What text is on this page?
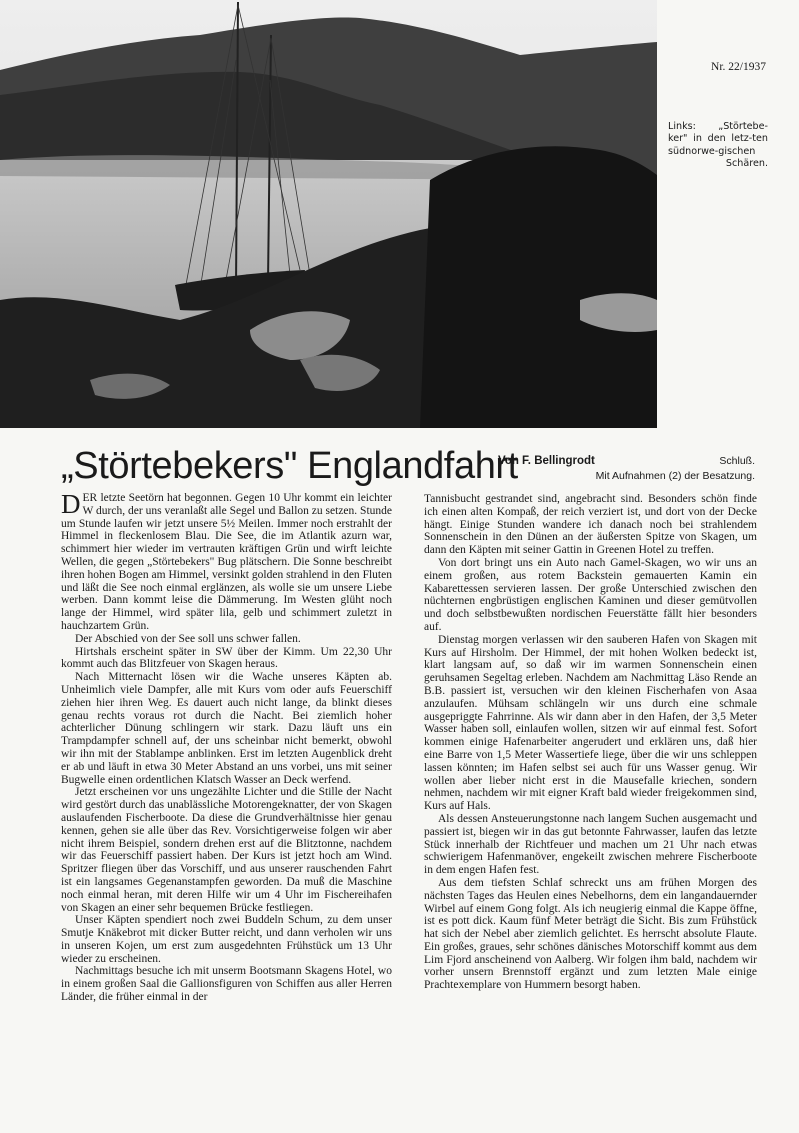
Nr. 22/1937
Links: „Störtebe-ker" in den letz-ten südnorwe-gischen Schären.
„Störtebekers" Englandfahrt
Von F. Bellingrodt	Schluß.
Mit Aufnahmen (2) der Besatzung.

DER letzte Seetörn hat begonnen. Gegen 10 Uhr kommt ein leichter W durch, der uns veranlaßt alle Segel und Ballon zu setzen. Stunde um Stunde laufen wir jetzt unsere 5½ Meilen. Immer noch erstrahlt der Himmel in fleckenlosem Blau. Die See, die im Atlantik azurn war, schimmert hier wieder im vertrauten kräftigen Grün und wirft leichte Wellen, die gegen „Störtebekers" Bug plätschern. Die Sonne beschreibt ihren hohen Bogen am Himmel, versinkt golden strahlend in den Fluten und läßt die See noch einmal erglänzen, als wolle sie um unsere Liebe werben. Dann kommt leise die Dämmerung. Im Westen glüht noch lange der Himmel, wird später lila, gelb und schimmert zuletzt in hauchzartem Grün.

Der Abschied von der See soll uns schwer fallen.

Hirtshals erscheint später in SW über der Kimm. Um 22,30 Uhr kommt auch das Blitzfeuer von Skagen heraus.

Nach Mitternacht lösen wir die Wache unseres Käpten ab. Unheimlich viele Dampfer, alle mit Kurs vom oder aufs Feuerschiff ziehen hier ihren Weg. Es dauert auch nicht lange, da blinkt dieses genau rechts voraus rot durch die Nacht. Bei ziemlich hoher achterlicher Dünung schlingern wir stark. Dazu läuft uns ein Trampdampfer schnell auf, der uns scheinbar nicht bemerkt, obwohl wir ihn mit der Stablampe anblinken. Erst im letzten Augenblick dreht er ab und läuft in etwa 30 Meter Abstand an uns vorbei, uns mit seiner Bugwelle einen ordentlichen Klatsch Wasser an Deck werfend.

Jetzt erscheinen vor uns ungezählte Lichter und die Stille der Nacht wird gestört durch das unablässliche Motorengeknatter, der von Skagen auslaufenden Fischerboote. Da diese die Grundverhältnisse hier genau kennen, gehen sie alle über das Rev. Vorsichtigerweise folgen wir aber nicht ihrem Beispiel, sondern drehen erst auf die Blitztonne, nachdem wir das Feuerschiff passiert haben. Der Kurs ist jetzt hoch am Wind. Spritzer fliegen über das Vorschiff, und aus unserer rauschenden Fahrt ist ein langsames Gegenanstampfen geworden. Da muß die Maschine noch einmal heran, mit deren Hilfe wir um 4 Uhr im Fischereihafen von Skagen an einer sehr bequemen Brücke festliegen.

Unser Käpten spendiert noch zwei Buddeln Schum, zu dem unser Smutje Knäkebrot mit dicker Butter reicht, und dann verholen wir uns in unseren Kojen, um erst zum ausgedehnten Frühstück um 13 Uhr wieder zu erscheinen.

Nachmittags besuche ich mit unserm Bootsmann Skagens Hotel, wo in einem großen Saal die Gallionsfiguren von Schiffen aus aller Herren Länder, die früher einmal in der

Tannisbucht gestrandet sind, angebracht sind. Besonders schön finde ich einen alten Kompaß, der reich verziert ist, und dort von der Decke hängt. Einige Stunden wandere ich danach noch bei strahlendem Sonnenschein in den Dünen an der äußersten Spitze von Skagen, um dann den Käpten mit seiner Gattin in Greenen Hotel zu treffen.

Von dort bringt uns ein Auto nach Gamel-Skagen, wo wir uns an einem großen, aus rotem Backstein gemauerten Kamin ein Kabarettessen servieren lassen. Der große Unterschied zwischen den nüchternen engbrüstigen englischen Kaminen und dieser gemütvollen und doch selbstbewußten nordischen Feuerstätte fällt hier besonders auf.

Dienstag morgen verlassen wir den sauberen Hafen von Skagen mit Kurs auf Hirsholm. Der Himmel, der mit hohen Wolken bedeckt ist, klart langsam auf, so daß wir im warmen Sonnenschein einen geruhsamen Segeltag erleben. Nachdem am Nachmittag Läso Rende an B.B. passiert ist, versuchen wir den kleinen Fischerhafen von Asaa anzulaufen. Mühsam schlängeln wir uns durch eine schmale ausgepriggte Fahrrinne. Als wir dann aber in den Hafen, der 3,5 Meter Wasser haben soll, einlaufen wollen, sitzen wir auf einmal fest. Sofort kommen einige Hafenarbeiter angerudert und erklären uns, daß hier eine Barre von 1,5 Meter Wassertiefe liege, über die wir uns schleppen lassen könnten; im Hafen selbst sei auch für uns Wasser genug. Wir wollen aber lieber nicht erst in die Mausefalle kriechen, sondern nehmen, nachdem wir mit eigner Kraft bald wieder freigekommen sind, Kurs auf Hals.

Als dessen Ansteuerungstonne nach langem Suchen ausgemacht und passiert ist, biegen wir in das gut betonnte Fahrwasser, laufen das letzte Stück innerhalb der Richtfeuer und machen um 21 Uhr nach etwas schwierigem Hafenmanöver, engekeilt zwischen mehrere Fischerboote in dem engen Hafen fest.

Aus dem tiefsten Schlaf schreckt uns am frühen Morgen des nächsten Tages das Heulen eines Nebelhorns, dem ein langandauernder Wirbel auf einem Gong folgt. Als ich neugierig einmal die Kappe öffne, ist es pott dick. Kaum fünf Meter beträgt die Sicht. Bis zum Frühstück hat sich der Nebel aber ziemlich gelichtet. Es herrscht absolute Flaute. Ein großes, graues, sehr schönes dänisches Motorschiff kommt aus dem Lim Fjord anscheinend von Aalberg. Wir folgen ihm bald, nachdem wir vorher unsern Brennstoff ergänzt und zum letzten Male einige Prachtexemplare von Hummern besorgt haben.
